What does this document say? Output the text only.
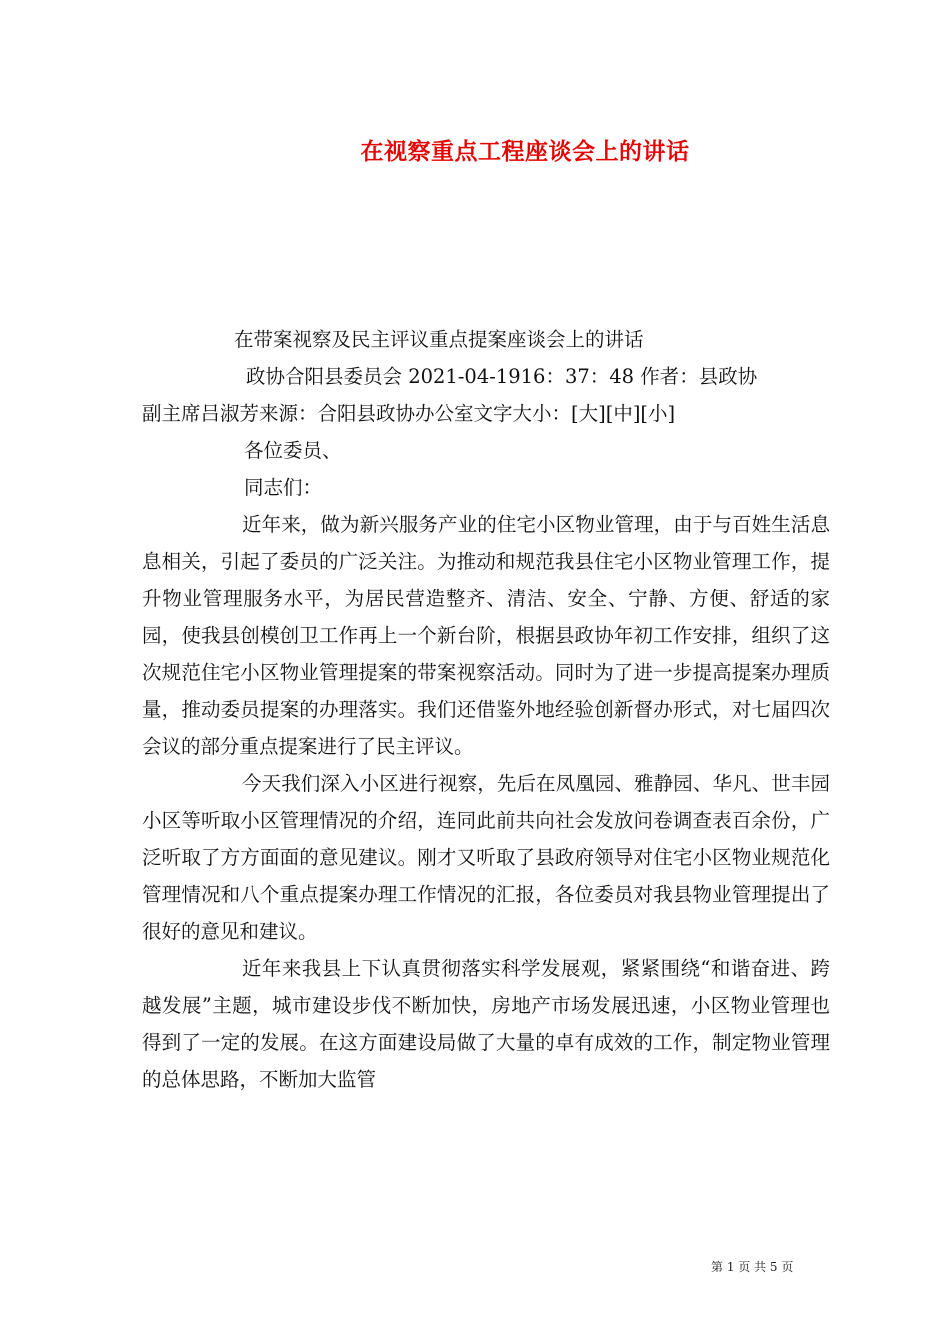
在视察重点工程座谈会上的讲话
在带案视察及民主评议重点提案座谈会上的讲话
政协合阳县委员会 2021-04-1916：37：48 作者：县政协
副主席吕淑芳来源：合阳县政协办公室文字大小：[大][中][小]
各位委员、
同志们：

近年来，做为新兴服务产业的住宅小区物业管理，由于与百姓生活息息相关，引起了委员的广泛关注。为推动和规范我县住宅小区物业管理工作，提升物业管理服务水平，为居民营造整齐、清洁、安全、宁静、方便、舒适的家园，使我县创模创卫工作再上一个新台阶，根据县政协年初工作安排，组织了这次规范住宅小区物业管理提案的带案视察活动。同时为了进一步提高提案办理质量，推动委员提案的办理落实。我们还借鉴外地经验创新督办形式，对七届四次会议的部分重点提案进行了民主评议。

今天我们深入小区进行视察，先后在凤凰园、雅静园、华凡、世丰园小区等听取小区管理情况的介绍，连同此前共向社会发放问卷调查表百余份，广泛听取了方方面面的意见建议。刚才又听取了县政府领导对住宅小区物业规范化管理情况和八个重点提案办理工作情况的汇报，各位委员对我县物业管理提出了很好的意见和建议。

近年来我县上下认真贯彻落实科学发展观，紧紧围绕“和谐奋进、跨越发展”主题，城市建设步伐不断加快，房地产市场发展迅速，小区物业管理也得到了一定的发展。在这方面建设局做了大量的卓有成效的工作，制定物业管理的总体思路，不断加大监管

第 1 页 共 5 页
